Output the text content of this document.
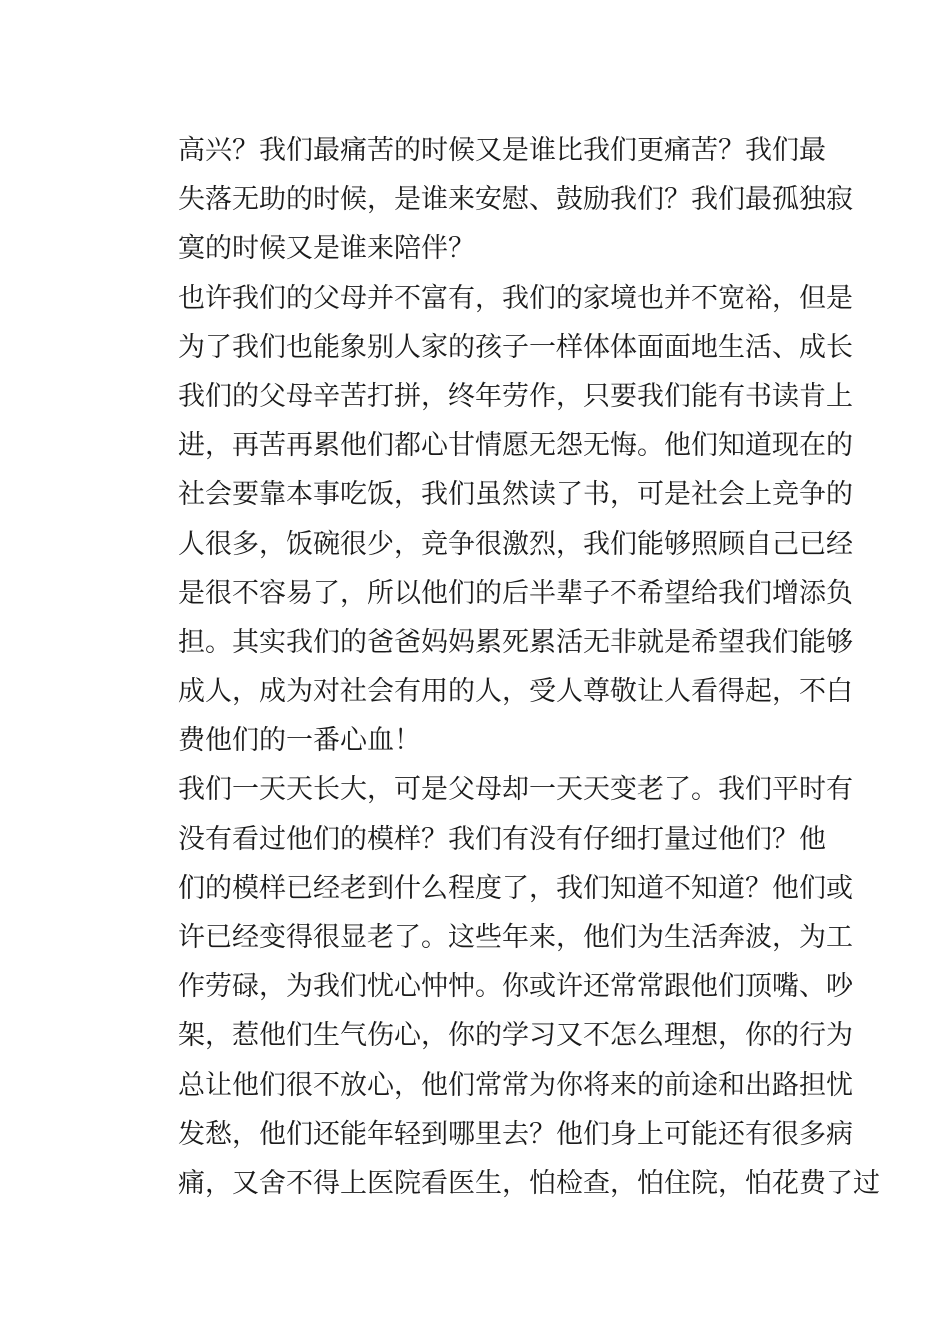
高兴？我们最痛苦的时候又是谁比我们更痛苦？我们最
失落无助的时候，是谁来安慰、鼓励我们？我们最孤独寂
寞的时候又是谁来陪伴？
也许我们的父母并不富有，我们的家境也并不宽裕，但是
为了我们也能象别人家的孩子一样体体面面地生活、成长
我们的父母辛苦打拼，终年劳作，只要我们能有书读肯上
进，再苦再累他们都心甘情愿无怨无悔。他们知道现在的
社会要靠本事吃饭，我们虽然读了书，可是社会上竞争的
人很多，饭碗很少，竞争很激烈，我们能够照顾自己已经
是很不容易了，所以他们的后半辈子不希望给我们增添负
担。其实我们的爸爸妈妈累死累活无非就是希望我们能够
成人，成为对社会有用的人，受人尊敬让人看得起，不白
费他们的一番心血！
我们一天天长大，可是父母却一天天变老了。我们平时有
没有看过他们的模样？我们有没有仔细打量过他们？他
们的模样已经老到什么程度了，我们知道不知道？他们或
许已经变得很显老了。这些年来，他们为生活奔波，为工
作劳碌，为我们忧心忡忡。你或许还常常跟他们顶嘴、吵
架，惹他们生气伤心，你的学习又不怎么理想，你的行为
总让他们很不放心，他们常常为你将来的前途和出路担忧
发愁，他们还能年轻到哪里去？他们身上可能还有很多病
痛，又舍不得上医院看医生，怕检查，怕住院，怕花费了过
